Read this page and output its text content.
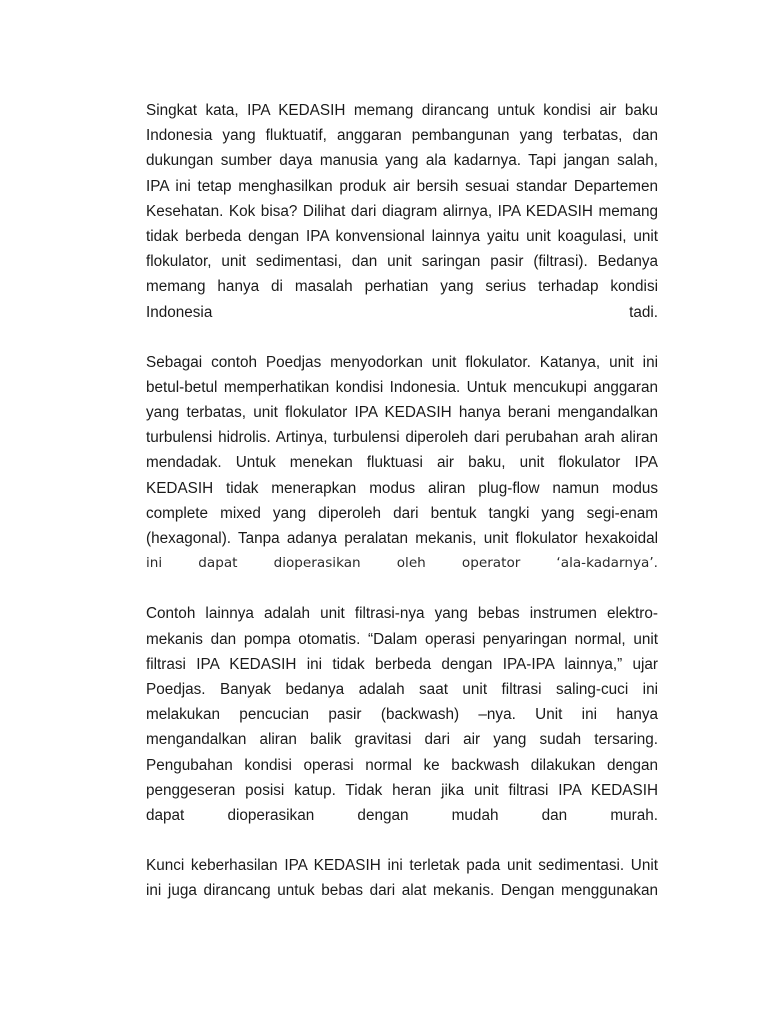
Singkat kata, IPA KEDASIH memang dirancang untuk kondisi air baku
Indonesia yang fluktuatif, anggaran pembangunan yang terbatas, dan
dukungan sumber daya manusia yang ala kadarnya. Tapi jangan salah,
IPA ini tetap menghasilkan produk air bersih sesuai standar Departemen
Kesehatan. Kok bisa? Dilihat dari diagram alirnya, IPA KEDASIH memang
tidak berbeda dengan IPA konvensional lainnya yaitu unit koagulasi, unit
flokulator, unit sedimentasi, dan unit saringan pasir (filtrasi). Bedanya
memang hanya di masalah perhatian yang serius terhadap kondisi
Indonesia tadi.
Sebagai contoh Poedjas menyodorkan unit flokulator. Katanya, unit ini
betul-betul memperhatikan kondisi Indonesia. Untuk mencukupi anggaran
yang terbatas, unit flokulator IPA KEDASIH hanya berani mengandalkan
turbulensi hidrolis. Artinya, turbulensi diperoleh dari perubahan arah aliran
mendadak. Untuk menekan fluktuasi air baku, unit flokulator IPA
KEDASIH tidak menerapkan modus aliran plug-flow namun modus
complete mixed yang diperoleh dari bentuk tangki yang segi-enam
(hexagonal). Tanpa adanya peralatan mekanis, unit flokulator hexakoidal
ini dapat dioperasikan oleh operator ‘ala-kadarnya’.
Contoh lainnya adalah unit filtrasi-nya yang bebas instrumen elektro-
mekanis dan pompa otomatis. “Dalam operasi penyaringan normal, unit
filtrasi IPA KEDASIH ini tidak berbeda dengan IPA-IPA lainnya,” ujar
Poedjas. Banyak bedanya adalah saat unit filtrasi saling-cuci ini
melakukan pencucian pasir (backwash) –nya. Unit ini hanya
mengandalkan aliran balik gravitasi dari air yang sudah tersaring.
Pengubahan kondisi operasi normal ke backwash dilakukan dengan
penggeseran posisi katup. Tidak heran jika unit filtrasi IPA KEDASIH
dapat dioperasikan dengan mudah dan murah.
Kunci keberhasilan IPA KEDASIH ini terletak pada unit sedimentasi. Unit
ini juga dirancang untuk bebas dari alat mekanis. Dengan menggunakan
